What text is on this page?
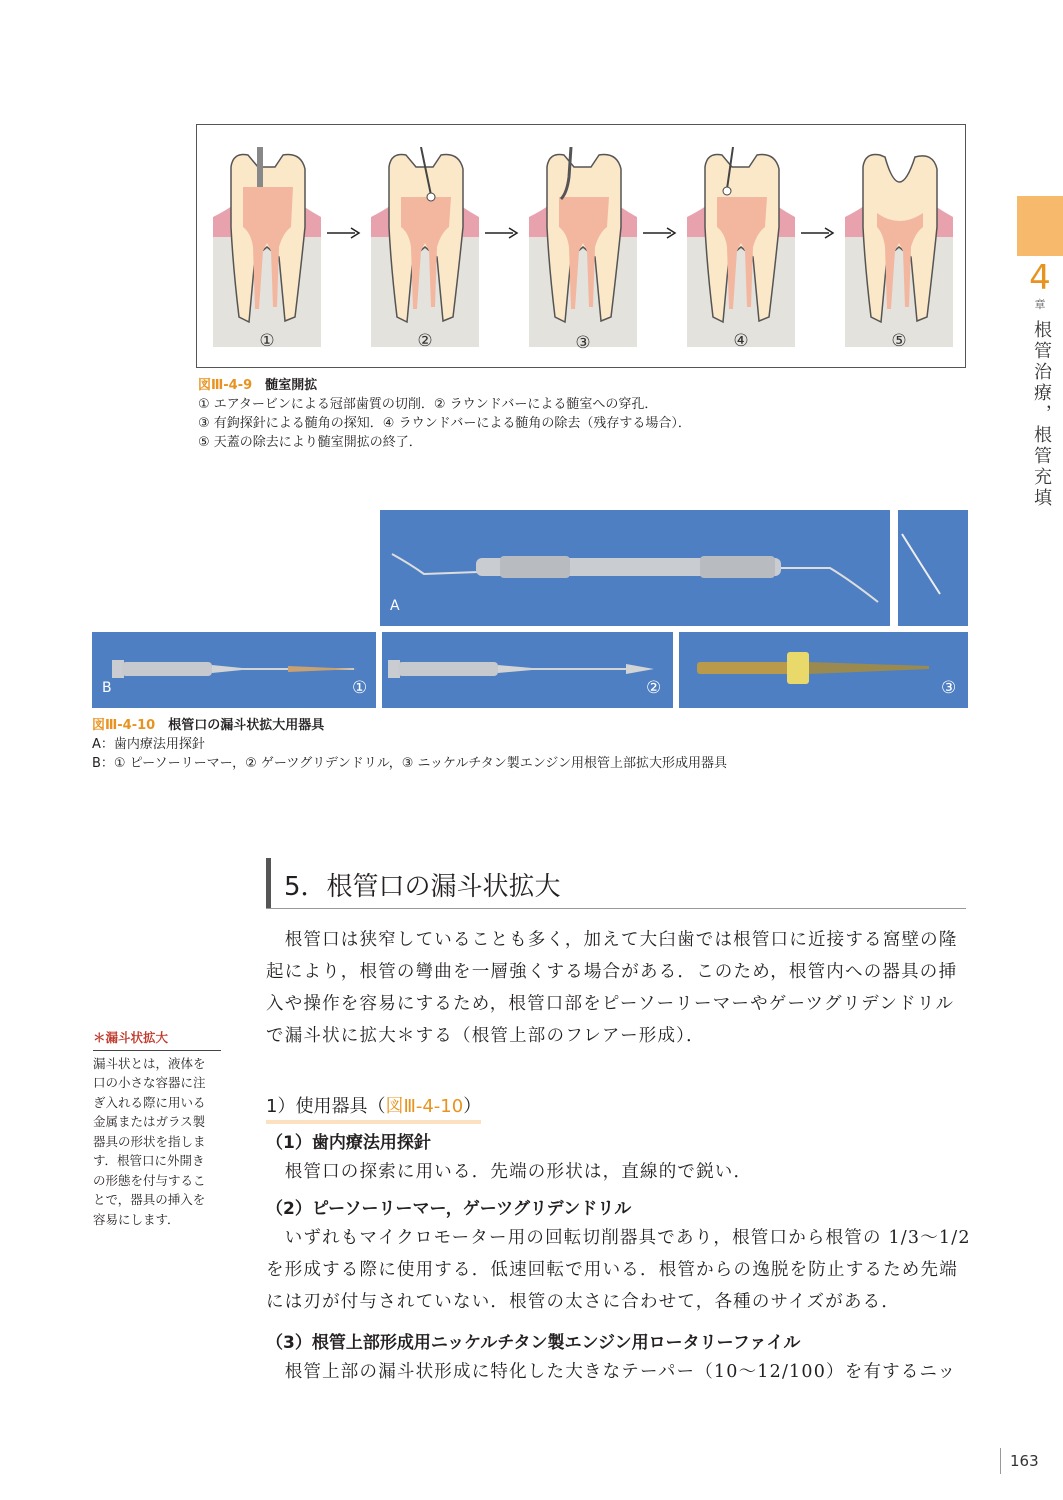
①	②	③	④	⑤
図Ⅲ-4-9　 髄室開拡
① エアタービンによる冠部歯質の切削．② ラウンドバーによる髄室への穿孔．
③ 有鉤探針による髄角の探知．④ ラウンドバーによる髄角の除去（残存する場合）．
⑤ 天蓋の除去により髄室開拡の終了．
A
B	①	②	③
図Ⅲ-4-10　 根管口の漏斗状拡大用器具
A：歯内療法用探針
B：① ピーソーリーマー，② ゲーツグリデンドリル，③ ニッケルチタン製エンジン用根管上部拡大形成用器具
4
章
根管治療，根管充填
＊漏斗状拡大
漏斗状とは，液体を
口の小さな容器に注
ぎ入れる際に用いる
金属またはガラス製
器具の形状を指しま
す．根管口に外開き
の形態を付与するこ
とで，器具の挿入を
容易にします．
5．根管口の漏斗状拡大
　根管口は狭窄していることも多く，加えて大臼歯では根管口に近接する窩壁の隆
起により，根管の彎曲を一層強くする場合がある．このため，根管内への器具の挿
入や操作を容易にするため，根管口部をピーソーリーマーやゲーツグリデンドリル
で漏斗状に拡大＊する（根管上部のフレアー形成）．
1）使用器具（図Ⅲ-4-10）
（1）歯内療法用探針
　根管口の探索に用いる．先端の形状は，直線的で鋭い．
（2）ピーソーリーマー，ゲーツグリデンドリル
　いずれもマイクロモーター用の回転切削器具であり，根管口から根管の 1/3〜1/2
を形成する際に使用する．低速回転で用いる．根管からの逸脱を防止するため先端
には刃が付与されていない．根管の太さに合わせて，各種のサイズがある．
（3）根管上部形成用ニッケルチタン製エンジン用ロータリーファイル
　根管上部の漏斗状形成に特化した大きなテーパー（10〜12/100）を有するニッ
163
